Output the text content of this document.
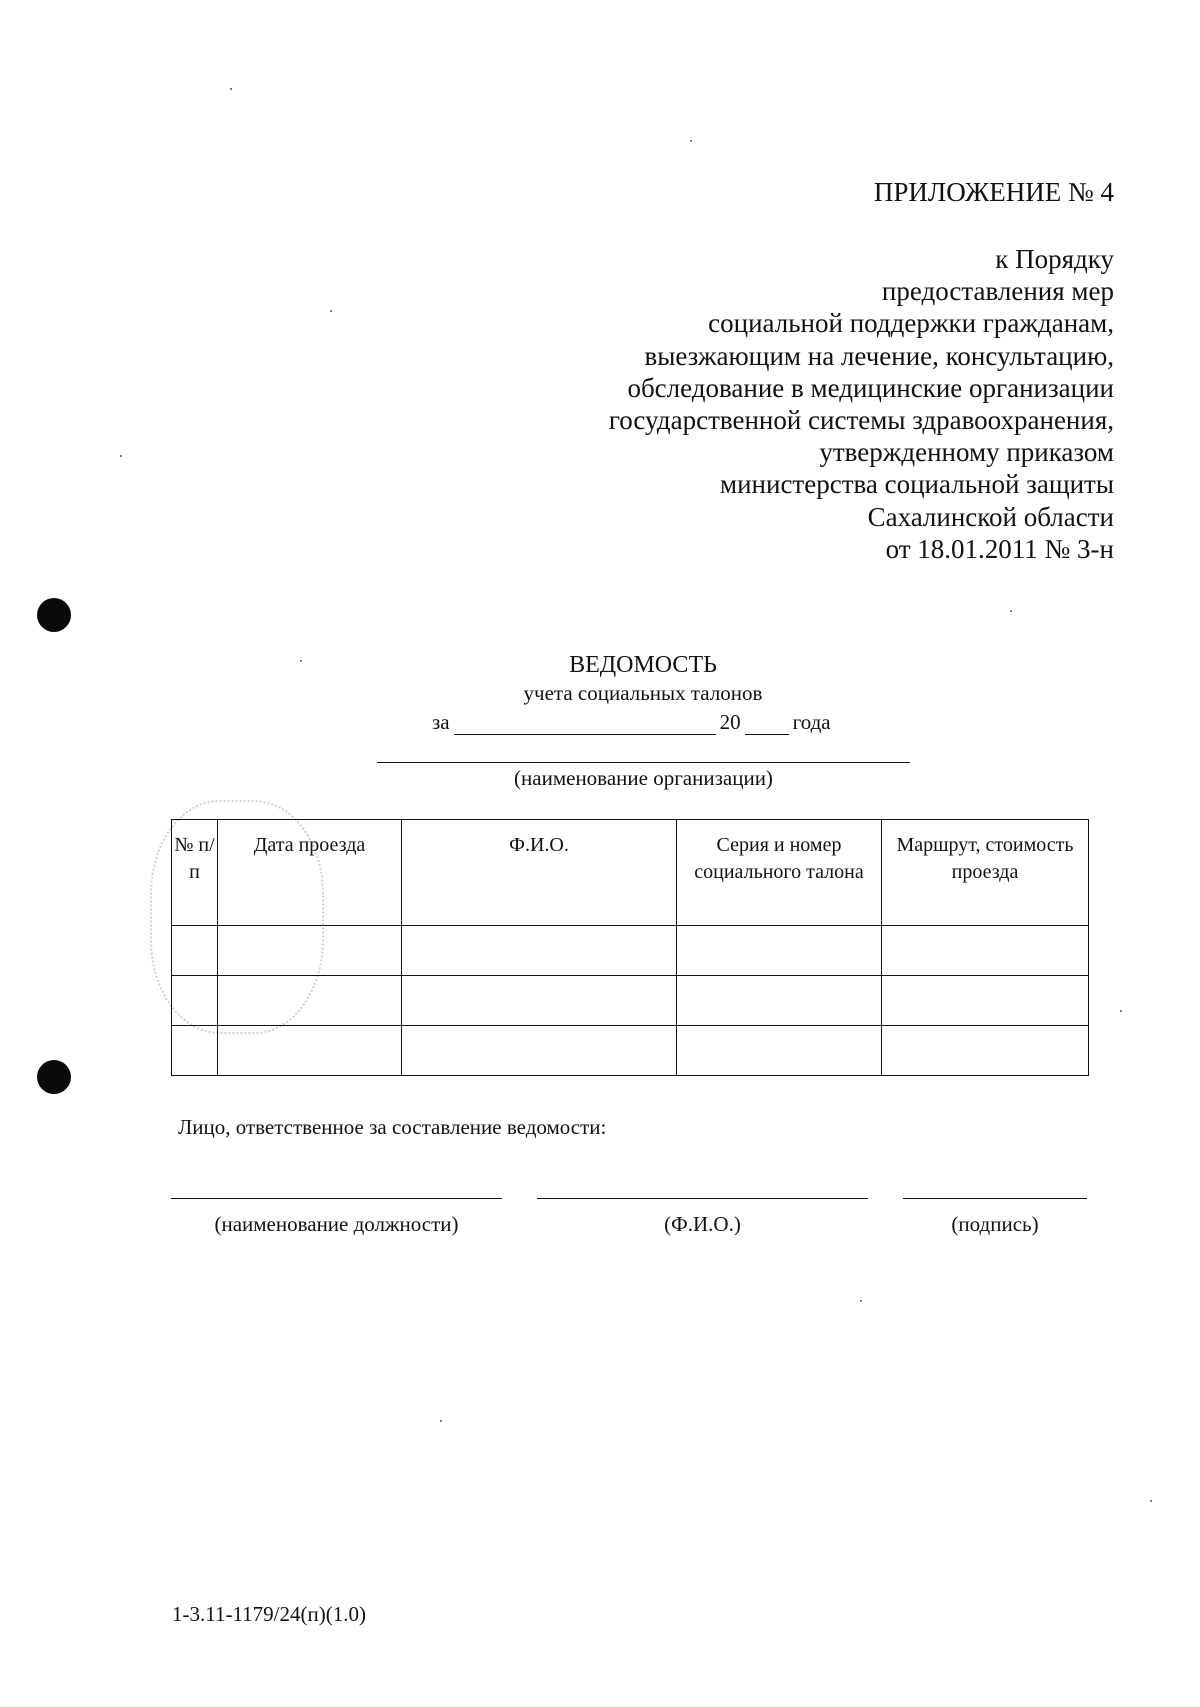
ПРИЛОЖЕНИЕ № 4
к Порядку
предоставления мер
социальной поддержки гражданам,
выезжающим на лечение, консультацию,
обследование в медицинские организации
государственной системы здравоохранения,
утвержденному приказом
министерства социальной защиты
Сахалинской области
от 18.01.2011 № 3-н
ВЕДОМОСТЬ
учета социальных талонов
за	20 года
(наименование организации)
№ п/п	Дата проезда	Ф.И.О.	Серия и номер социального талона	Маршрут, стоимость проезда

Лицо, ответственное за составление ведомости:
(наименование должности)	(Ф.И.О.)	(подпись)
1-3.11-1179/24(п)(1.0)
